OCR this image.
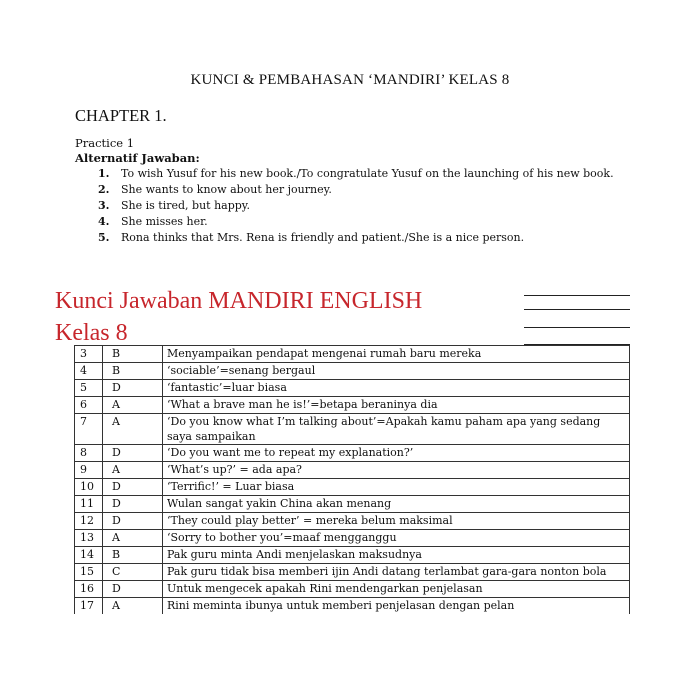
KUNCI & PEMBAHASAN ‘MANDIRI’ KELAS 8
CHAPTER 1.
Practice 1
Alternatif Jawaban:
1. To wish Yusuf for his new book./To congratulate Yusuf on the launching of his new book.
2. She wants to know about her journey.
3. She is tired, but happy.
4. She misses her.
5. Rona thinks that Mrs. Rena is friendly and patient./She is a nice person.
Kunci Jawaban MANDIRI ENGLISH
Kelas 8
3	B	Menyampaikan pendapat mengenai rumah baru mereka
4	B	‘sociable’=senang bergaul
5	D	‘fantastic’=luar biasa
6	A	‘What a brave man he is!’=betapa beraninya dia
7	A	‘Do you know what I’m talking about’=Apakah kamu paham apa yang sedang saya sampaikan
8	D	‘Do you want me to repeat my explanation?’
9	A	‘What’s up?’ = ada apa?
10	D	‘Terrific!’ = Luar biasa
11	D	Wulan sangat yakin China akan menang
12	D	‘They could play better’ = mereka belum maksimal
13	A	‘Sorry to bother you’=maaf mengganggu
14	B	Pak guru minta Andi menjelaskan maksudnya
15	C	Pak guru tidak bisa memberi ijin Andi datang terlambat gara-gara nonton bola
16	D	Untuk mengecek apakah Rini mendengarkan penjelasan
17	A	Rini meminta ibunya untuk memberi penjelasan dengan pelan
